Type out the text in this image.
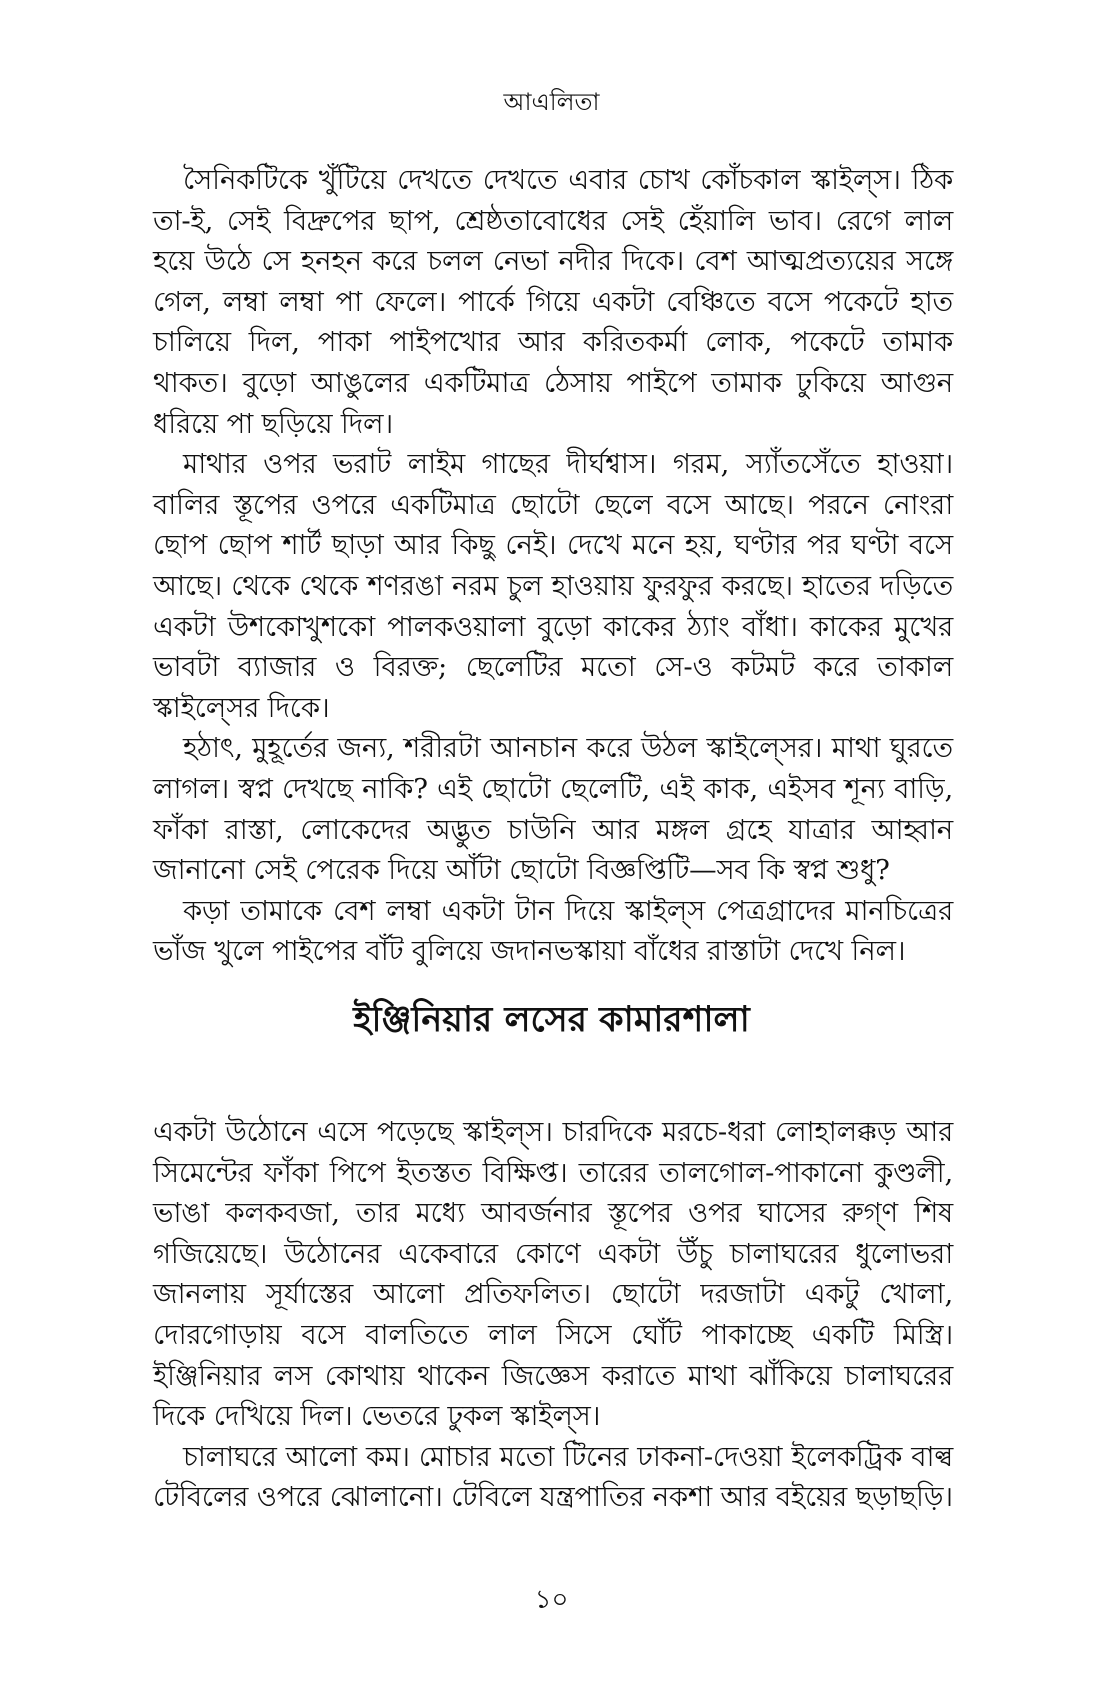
আএলিতা

সৈনিকটিকে খুঁটিয়ে দেখতে দেখতে এবার চোখ কোঁচকাল স্কাইল্স। ঠিক তা-ই, সেই বিদ্রুপের ছাপ, শ্রেষ্ঠতাবোধের সেই হেঁয়ালি ভাব। রেগে লাল হয়ে উঠে সে হনহন করে চলল নেভা নদীর দিকে। বেশ আত্মপ্রত্যয়ের সঙ্গে গেল, লম্বা লম্বা পা ফেলে। পার্কে গিয়ে একটা বেঞ্চিতে বসে পকেটে হাত চালিয়ে দিল, পাকা পাইপখোর আর করিতকর্মা লোক, পকেটে তামাক থাকত। বুড়ো আঙুলের একটিমাত্র ঠেসায় পাইপে তামাক ঢুকিয়ে আগুন ধরিয়ে পা ছড়িয়ে দিল।

মাথার ওপর ভরাট লাইম গাছের দীর্ঘশ্বাস। গরম, স্যাঁতসেঁতে হাওয়া। বালির স্তূপের ওপরে একটিমাত্র ছোটো ছেলে বসে আছে। পরনে নোংরা ছোপ ছোপ শার্ট ছাড়া আর কিছু নেই। দেখে মনে হয়, ঘণ্টার পর ঘণ্টা বসে আছে। থেকে থেকে শণরঙা নরম চুল হাওয়ায় ফুরফুর করছে। হাতের দড়িতে একটা উশকোখুশকো পালকওয়ালা বুড়ো কাকের ঠ্যাং বাঁধা। কাকের মুখের ভাবটা ব্যাজার ও বিরক্ত; ছেলেটির মতো সে-ও কটমট করে তাকাল স্কাইল্সের দিকে।

হঠাৎ, মুহূর্তের জন্য, শরীরটা আনচান করে উঠল স্কাইল্সের। মাথা ঘুরতে লাগল। স্বপ্ন দেখছে নাকি? এই ছোটো ছেলেটি, এই কাক, এইসব শূন্য বাড়ি, ফাঁকা রাস্তা, লোকেদের অদ্ভুত চাউনি আর মঙ্গল গ্রহে যাত্রার আহ্বান জানানো সেই পেরেক দিয়ে আঁটা ছোটো বিজ্ঞপ্তিটি—সব কি স্বপ্ন শুধু?

কড়া তামাকে বেশ লম্বা একটা টান দিয়ে স্কাইল্স পেত্রগ্রাদের মানচিত্রের ভাঁজ খুলে পাইপের বাঁট বুলিয়ে জদানভস্কায়া বাঁধের রাস্তাটা দেখে নিল।

ইঞ্জিনিয়ার লসের কামারশালা

একটা উঠোনে এসে পড়েছে স্কাইল্স। চারদিকে মরচে-ধরা লোহালক্কড় আর সিমেন্টের ফাঁকা পিপে ইতস্তত বিক্ষিপ্ত। তারের তালগোল-পাকানো কুণ্ডলী, ভাঙা কলকবজা, তার মধ্যে আবর্জনার স্তূপের ওপর ঘাসের রুগ্ণ শিষ গজিয়েছে। উঠোনের একেবারে কোণে একটা উঁচু চালাঘরের ধুলোভরা জানলায় সূর্যাস্তের আলো প্রতিফলিত। ছোটো দরজাটা একটু খোলা, দোরগোড়ায় বসে বালতিতে লাল সিসে ঘোঁট পাকাচ্ছে একটি মিস্ত্রি। ইঞ্জিনিয়ার লস কোথায় থাকেন জিজ্ঞেস করাতে মাথা ঝাঁকিয়ে চালাঘরের দিকে দেখিয়ে দিল। ভেতরে ঢুকল স্কাইল্স।

চালাঘরে আলো কম। মোচার মতো টিনের ঢাকনা-দেওয়া ইলেকট্রিক বাল্ব টেবিলের ওপরে ঝোলানো। টেবিলে যন্ত্রপাতির নকশা আর বইয়ের ছড়াছড়ি।

১০
